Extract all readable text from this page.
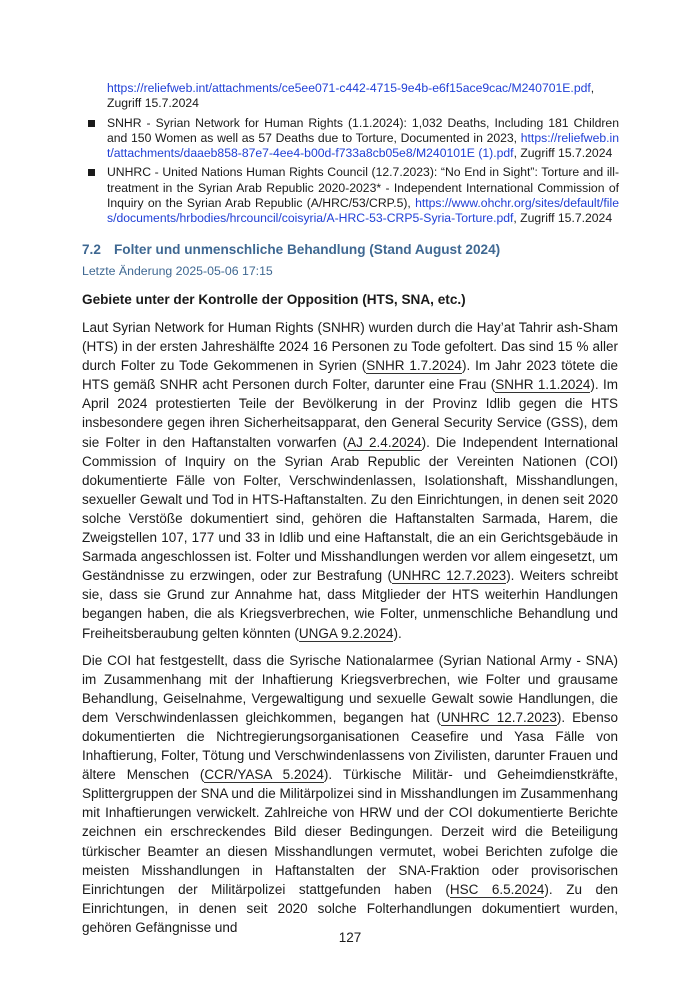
https://reliefweb.int/attachments/ce5ee071-c442-4715-9e4b-e6f15ace9cac/M240701E.pdf, Zugriff 15.7.2024
SNHR - Syrian Network for Human Rights (1.1.2024): 1,032 Deaths, Including 181 Children and 150 Women as well as 57 Deaths due to Torture, Documented in 2023, https://reliefweb.int/attachments/daaeb858-87e7-4ee4-b00d-f733a8cb05e8/M240101E (1).pdf, Zugriff 15.7.2024
UNHRC - United Nations Human Rights Council (12.7.2023): “No End in Sight”: Torture and ill-treatment in the Syrian Arab Republic 2020-2023* - Independent International Commission of Inquiry on the Syrian Arab Republic (A/HRC/53/CRP.5), https://www.ohchr.org/sites/default/files/documents/hrbodies/hrcouncil/coisyria/A-HRC-53-CRP5-Syria-Torture.pdf, Zugriff 15.7.2024
7.2 Folter und unmenschliche Behandlung (Stand August 2024)
Letzte Änderung 2025-05-06 17:15
Gebiete unter der Kontrolle der Opposition (HTS, SNA, etc.)

Laut Syrian Network for Human Rights (SNHR) wurden durch die Hay’at Tahrir ash-Sham (HTS) in der ersten Jahreshälfte 2024 16 Personen zu Tode gefoltert. Das sind 15 % aller durch Folter zu Tode Gekommenen in Syrien (SNHR 1.7.2024). Im Jahr 2023 tötete die HTS gemäß SNHR acht Personen durch Folter, darunter eine Frau (SNHR 1.1.2024). Im April 2024 protestierten Teile der Bevölkerung in der Provinz Idlib gegen die HTS insbesondere gegen ihren Sicherheitsapparat, den General Security Service (GSS), dem sie Folter in den Haftanstalten vorwarfen (AJ 2.4.2024). Die Independent International Commission of Inquiry on the Syrian Arab Republic der Vereinten Nationen (COI) dokumentierte Fälle von Folter, Verschwindenlassen, Isolationshaft, Misshandlungen, sexueller Gewalt und Tod in HTS-Haftanstalten. Zu den Einrichtungen, in denen seit 2020 solche Verstöße dokumentiert sind, gehören die Haftanstalten Sarmada, Harem, die Zweigstellen 107, 177 und 33 in Idlib und eine Haftanstalt, die an ein Gerichtsgebäude in Sarmada angeschlossen ist. Folter und Misshandlungen werden vor allem eingesetzt, um Geständnisse zu erzwingen, oder zur Bestrafung (UNHRC 12.7.2023). Weiters schreibt sie, dass sie Grund zur Annahme hat, dass Mitglieder der HTS weiterhin Handlungen begangen haben, die als Kriegsverbrechen, wie Folter, unmenschliche Behandlung und Freiheitsberaubung gelten könnten (UNGA 9.2.2024).

Die COI hat festgestellt, dass die Syrische Nationalarmee (Syrian National Army - SNA) im Zusammenhang mit der Inhaftierung Kriegsverbrechen, wie Folter und grausame Behandlung, Geiselnahme, Vergewaltigung und sexuelle Gewalt sowie Handlungen, die dem Verschwindenlassen gleichkommen, begangen hat (UNHRC 12.7.2023). Ebenso dokumentierten die Nichtregierungsorganisationen Ceasefire und Yasa Fälle von Inhaftierung, Folter, Tötung und Verschwindenlassens von Zivilisten, darunter Frauen und ältere Menschen (CCR/YASA 5.2024). Türkische Militär- und Geheimdienstkräfte, Splittergruppen der SNA und die Militärpolizei sind in Misshandlungen im Zusammenhang mit Inhaftierungen verwickelt. Zahlreiche von HRW und der COI dokumentierte Berichte zeichnen ein erschreckendes Bild dieser Bedingungen. Derzeit wird die Beteiligung türkischer Beamter an diesen Misshandlungen vermutet, wobei Berichten zufolge die meisten Misshandlungen in Haftanstalten der SNA-Fraktion oder provisorischen Einrichtungen der Militärpolizei stattgefunden haben (HSC 6.5.2024). Zu den Einrichtungen, in denen seit 2020 solche Folterhandlungen dokumentiert wurden, gehören Gefängnisse und

127
